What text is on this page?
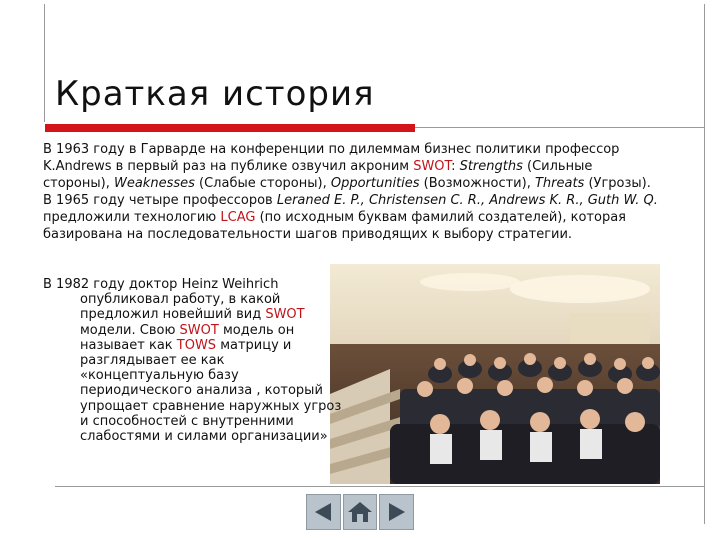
Краткая история

В 1963 году в Гарварде на конференции по дилеммам бизнес политики профессор K.Andrews в первый раз на публике озвучил акроним SWOT: Strengths (Сильные стороны), Weaknesses (Слабые стороны), Opportunities (Возможности), Threats (Угрозы).

В 1965 году четыре профессоров Leraned E. P., Christensen C. R., Andrews K. R., Guth W. Q. предложили технологию LCAG (по исходным буквам фамилий создателей), которая базирована на последовательности шагов приводящих к выбору стратегии.

В 1982 году доктор Heinz Weihrich
опубликовал работу, в какой предложил новейший вид SWOT модели. Свою SWOT модель он называет как TOWS матрицу и разглядывает ее как «концептуальную базу периодического анализа , который упрощает сравнение наружных угроз и способностей с внутренними слабостями и силами организации»
